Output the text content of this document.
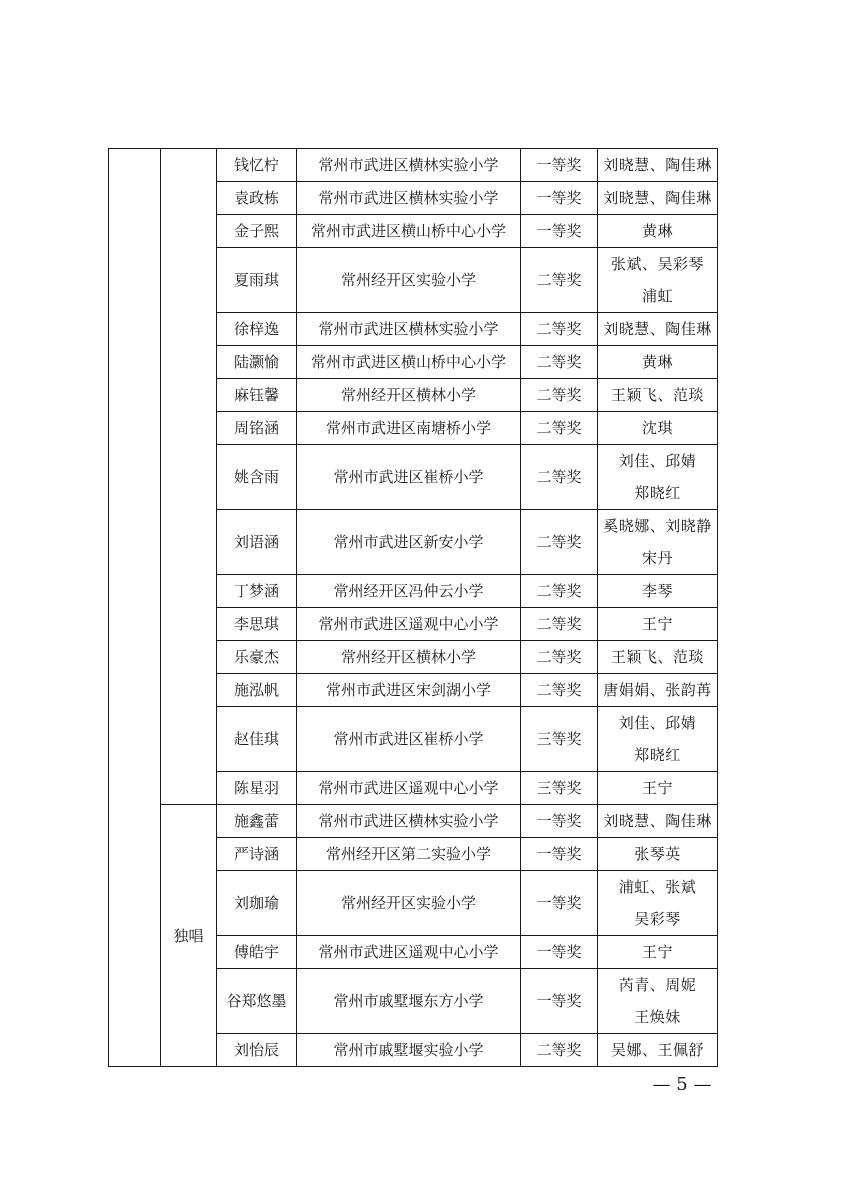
		钱忆柠	常州市武进区横林实验小学	一等奖	刘晓慧、陶佳琳

		袁政栋	常州市武进区横林实验小学	一等奖	刘晓慧、陶佳琳

		金子熙	常州市武进区横山桥中心小学	一等奖	黄琳

		夏雨琪	常州经开区实验小学	二等奖	张斌、吴彩琴
浦虹

		徐梓逸	常州市武进区横林实验小学	二等奖	刘晓慧、陶佳琳

		陆灏愉	常州市武进区横山桥中心小学	二等奖	黄琳

		麻钰馨	常州经开区横林小学	二等奖	王颖飞、范琰

		周铭涵	常州市武进区南塘桥小学	二等奖	沈琪

		姚含雨	常州市武进区崔桥小学	二等奖	刘佳、邱婧
郑晓红

		刘语涵	常州市武进区新安小学	二等奖	奚晓娜、刘晓静
宋丹

		丁梦涵	常州经开区冯仲云小学	二等奖	李琴

		李思琪	常州市武进区遥观中心小学	二等奖	王宁

		乐豪杰	常州经开区横林小学	二等奖	王颖飞、范琰

		施泓帆	常州市武进区宋剑湖小学	二等奖	唐娟娟、张韵苒

		赵佳琪	常州市武进区崔桥小学	三等奖	刘佳、邱婧
郑晓红

		陈星羽	常州市武进区遥观中心小学	三等奖	王宁

	独唱	施鑫蕾	常州市武进区横林实验小学	一等奖	刘晓慧、陶佳琳

		严诗涵	常州经开区第二实验小学	一等奖	张琴英

		刘珈瑜	常州经开区实验小学	一等奖	浦虹、张斌
吴彩琴

		傅皓宇	常州市武进区遥观中心小学	一等奖	王宁

		谷郑悠墨	常州市戚墅堰东方小学	一等奖	芮青、周妮
王焕妹

		刘怡辰	常州市戚墅堰实验小学	二等奖	吴娜、王佩舒
— 5 —
